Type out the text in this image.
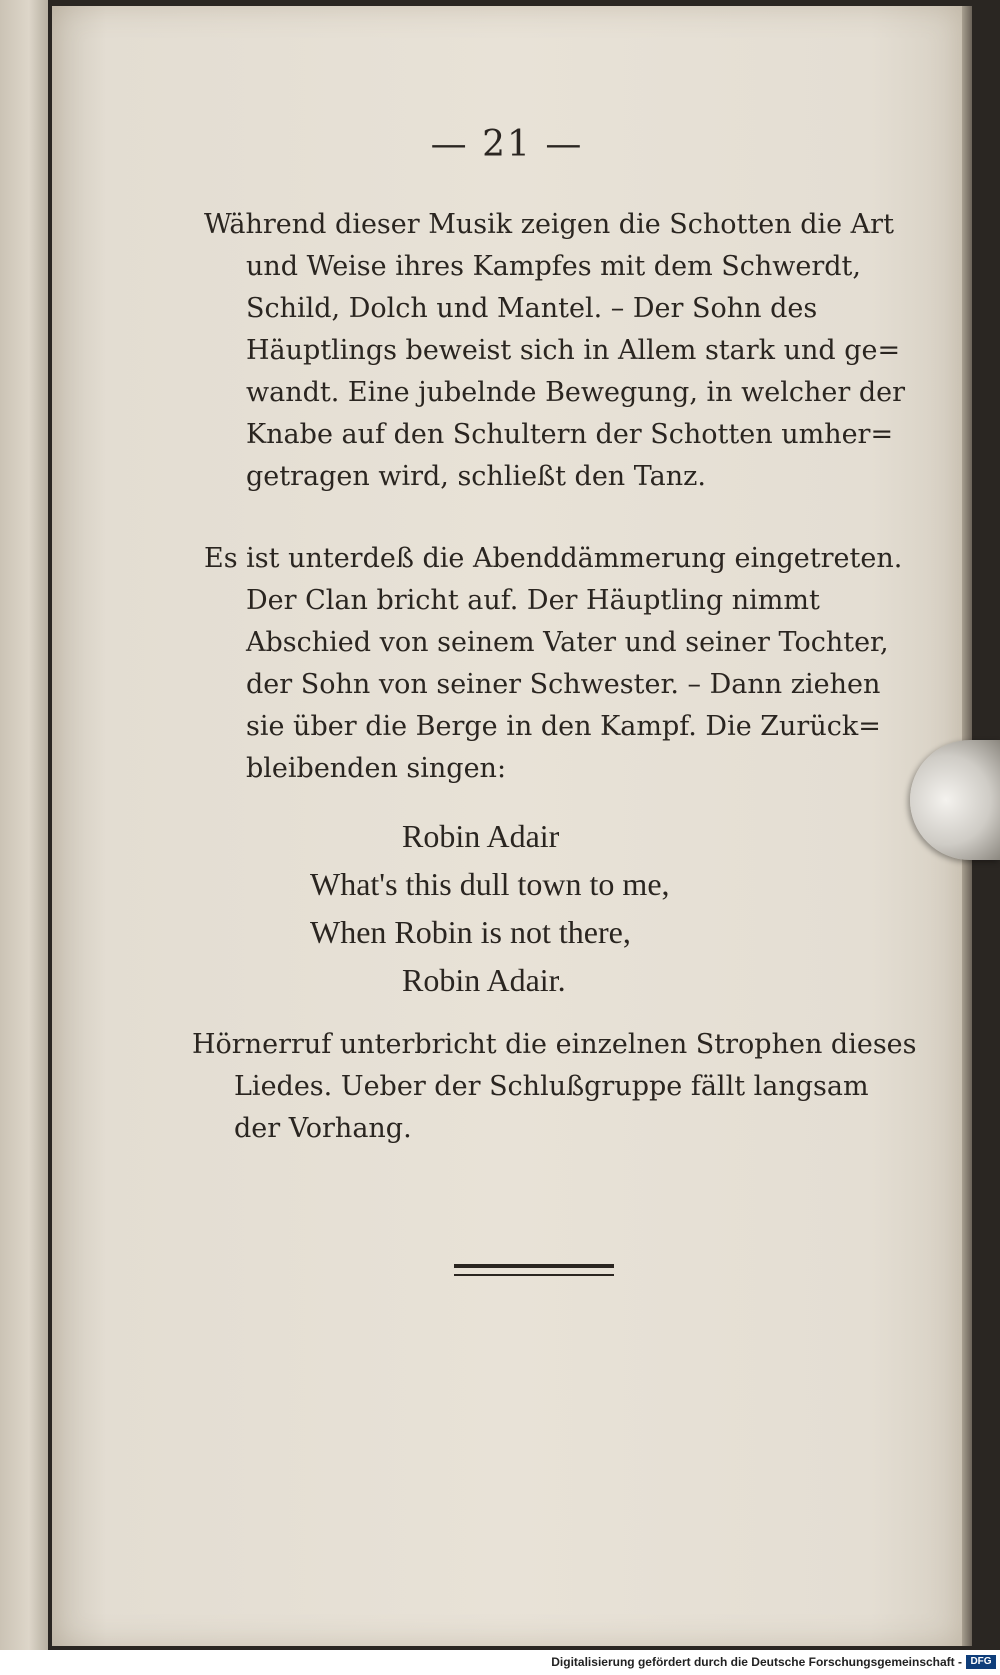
— 21 —
Während dieser Musik zeigen die Schotten die Art
und Weise ihres Kampfes mit dem Schwerdt,
Schild, Dolch und Mantel. – Der Sohn des
Häuptlings beweist sich in Allem stark und ge=
wandt. Eine jubelnde Bewegung, in welcher der
Knabe auf den Schultern der Schotten umher=
getragen wird, schließt den Tanz.
Es ist unterdeß die Abenddämmerung eingetreten.
Der Clan bricht auf. Der Häuptling nimmt
Abschied von seinem Vater und seiner Tochter,
der Sohn von seiner Schwester. – Dann ziehen
sie über die Berge in den Kampf. Die Zurück=
bleibenden singen:
Robin Adair
What's this dull town to me,
When Robin is not there,
Robin Adair.
Hörnerruf unterbricht die einzelnen Strophen dieses
Liedes. Ueber der Schlußgruppe fällt langsam
der Vorhang.
Digitalisierung gefördert durch die Deutsche Forschungsgemeinschaft - DFG
